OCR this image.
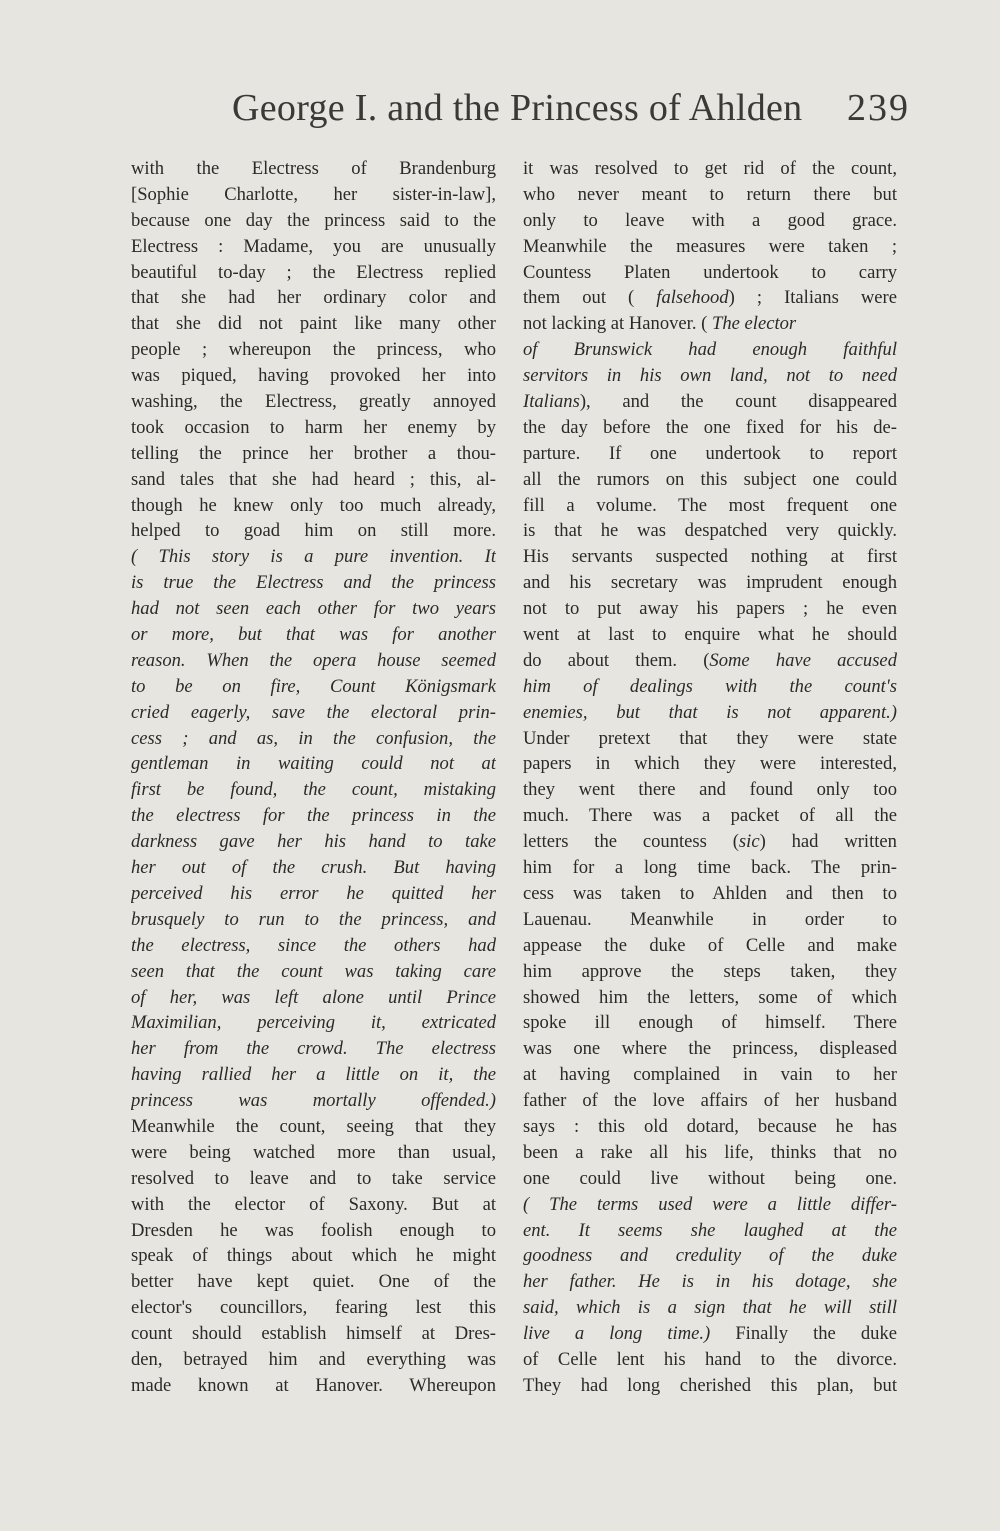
George I. and the Princess of Ahlden 239
with the Electress of Brandenburg
[Sophie Charlotte, her sister-in-law],
because one day the princess said to the
Electress : Madame, you are unusually
beautiful to-day ; the Electress replied
that she had her ordinary color and
that she did not paint like many other
people ; whereupon the princess, who
was piqued, having provoked her into
washing, the Electress, greatly annoyed
took occasion to harm her enemy by
telling the prince her brother a thou-
sand tales that she had heard ; this, al-
though he knew only too much already,
helped to goad him on still more.
( This story is a pure invention. It
is true the Electress and the princess
had not seen each other for two years
or more, but that was for another
reason. When the opera house seemed
to be on fire, Count Königsmark
cried eagerly, save the electoral prin-
cess ; and as, in the confusion, the
gentleman in waiting could not at
first be found, the count, mistaking
the electress for the princess in the
darkness gave her his hand to take
her out of the crush. But having
perceived his error he quitted her
brusquely to run to the princess, and
the electress, since the others had
seen that the count was taking care
of her, was left alone until Prince
Maximilian, perceiving it, extricated
her from the crowd. The electress
having rallied her a little on it, the
princess was mortally offended.)
Meanwhile the count, seeing that they
were being watched more than usual,
resolved to leave and to take service
with the elector of Saxony. But at
Dresden he was foolish enough to
speak of things about which he might
better have kept quiet. One of the
elector's councillors, fearing lest this
count should establish himself at Dres-
den, betrayed him and everything was
made known at Hanover. Whereupon
it was resolved to get rid of the count,
who never meant to return there but
only to leave with a good grace.
Meanwhile the measures were taken ;
Countess Platen undertook to carry
them out ( falsehood) ; Italians were
not lacking at Hanover. ( The elector
of Brunswick had enough faithful
servitors in his own land, not to need
Italians), and the count disappeared
the day before the one fixed for his de-
parture. If one undertook to report
all the rumors on this subject one could
fill a volume. The most frequent one
is that he was despatched very quickly.
His servants suspected nothing at first
and his secretary was imprudent enough
not to put away his papers ; he even
went at last to enquire what he should
do about them. (Some have accused
him of dealings with the count's
enemies, but that is not apparent.)
Under pretext that they were state
papers in which they were interested,
they went there and found only too
much. There was a packet of all the
letters the countess (sic) had written
him for a long time back. The prin-
cess was taken to Ahlden and then to
Lauenau. Meanwhile in order to
appease the duke of Celle and make
him approve the steps taken, they
showed him the letters, some of which
spoke ill enough of himself. There
was one where the princess, displeased
at having complained in vain to her
father of the love affairs of her husband
says : this old dotard, because he has
been a rake all his life, thinks that no
one could live without being one.
( The terms used were a little differ-
ent. It seems she laughed at the
goodness and credulity of the duke
her father. He is in his dotage, she
said, which is a sign that he will still
live a long time.) Finally the duke
of Celle lent his hand to the divorce.
They had long cherished this plan, but
